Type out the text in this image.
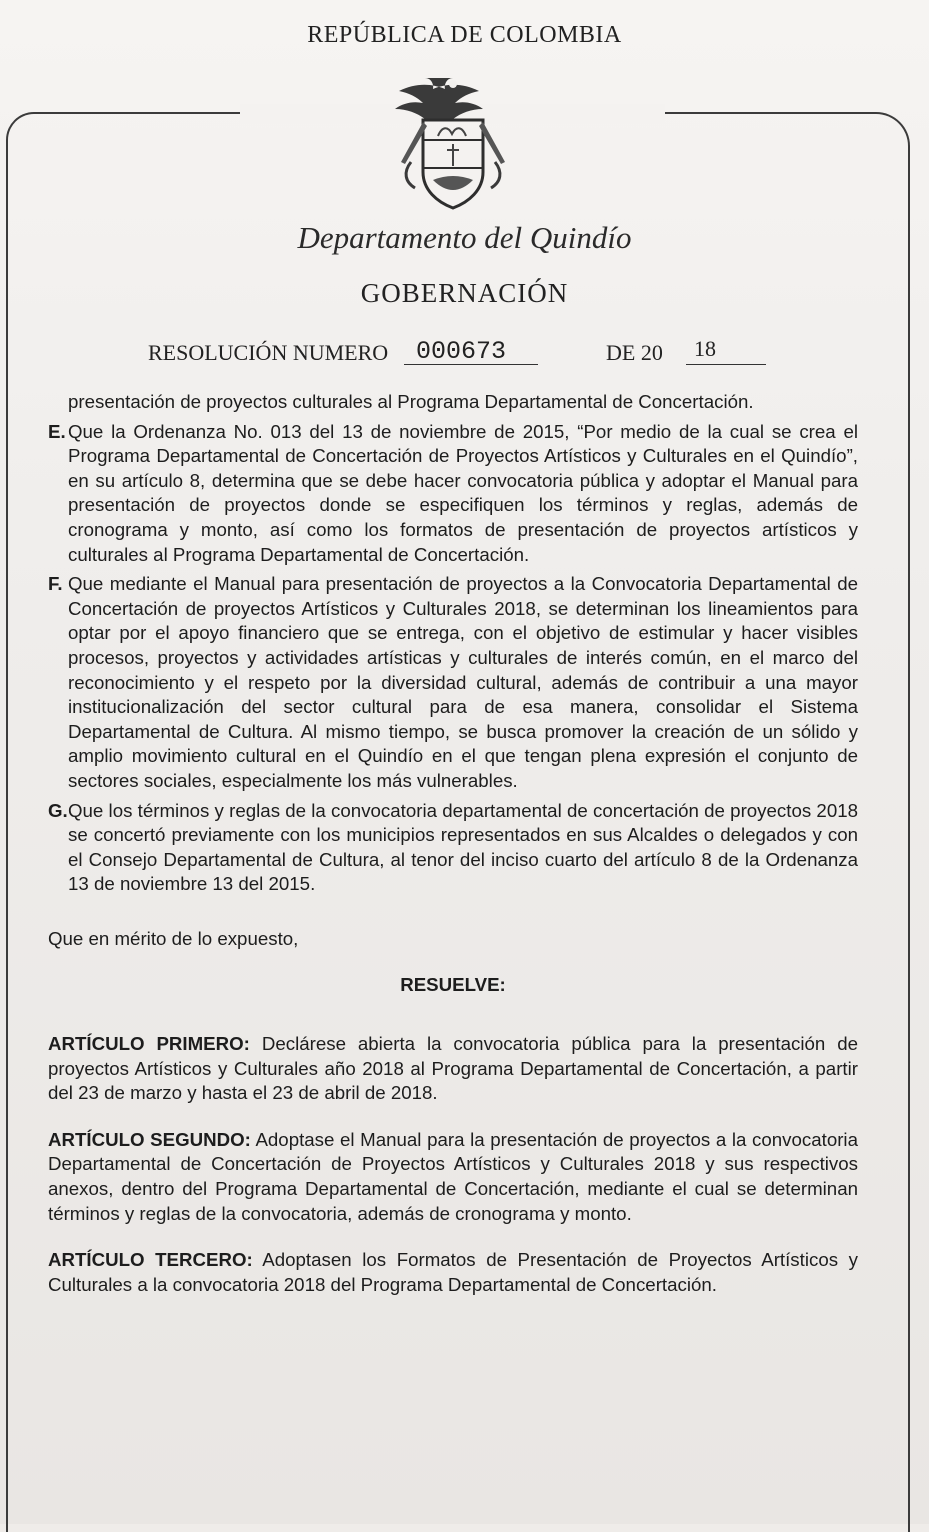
REPÚBLICA DE COLOMBIA
Departamento del Quindío
GOBERNACIÓN
RESOLUCIÓN NUMERO 000673	DE 20 18

presentación de proyectos culturales al Programa Departamental de Concertación.

E. Que la Ordenanza No. 013 del 13 de noviembre de 2015, “Por medio de la cual se crea el Programa Departamental de Concertación de Proyectos Artísticos y Culturales en el Quindío”, en su artículo 8, determina que se debe hacer convocatoria pública y adoptar el Manual para presentación de proyectos donde se especifiquen los términos y reglas, además de cronograma y monto, así como los formatos de presentación de proyectos artísticos y culturales al Programa Departamental de Concertación.

F. Que mediante el Manual para presentación de proyectos a la Convocatoria Departamental de Concertación de proyectos Artísticos y Culturales 2018, se determinan los lineamientos para optar por el apoyo financiero que se entrega, con el objetivo de estimular y hacer visibles procesos, proyectos y actividades artísticas y culturales de interés común, en el marco del reconocimiento y el respeto por la diversidad cultural, además de contribuir a una mayor institucionalización del sector cultural para de esa manera, consolidar el Sistema Departamental de Cultura. Al mismo tiempo, se busca promover la creación de un sólido y amplio movimiento cultural en el Quindío en el que tengan plena expresión el conjunto de sectores sociales, especialmente los más vulnerables.

G. Que los términos y reglas de la convocatoria departamental de concertación de proyectos 2018 se concertó previamente con los municipios representados en sus Alcaldes o delegados y con el Consejo Departamental de Cultura, al tenor del inciso cuarto del artículo 8 de la Ordenanza 13 de noviembre 13 del 2015.

Que en mérito de lo expuesto,

RESUELVE:

ARTÍCULO PRIMERO: Declárese abierta la convocatoria pública para la presentación de proyectos Artísticos y Culturales año 2018 al Programa Departamental de Concertación, a partir del 23 de marzo y hasta el 23 de abril de 2018.

ARTÍCULO SEGUNDO: Adoptase el Manual para la presentación de proyectos a la convocatoria Departamental de Concertación de Proyectos Artísticos y Culturales 2018 y sus respectivos anexos, dentro del Programa Departamental de Concertación, mediante el cual se determinan términos y reglas de la convocatoria, además de cronograma y monto.

ARTÍCULO TERCERO: Adoptasen los Formatos de Presentación de Proyectos Artísticos y Culturales a la convocatoria 2018 del Programa Departamental de Concertación.
